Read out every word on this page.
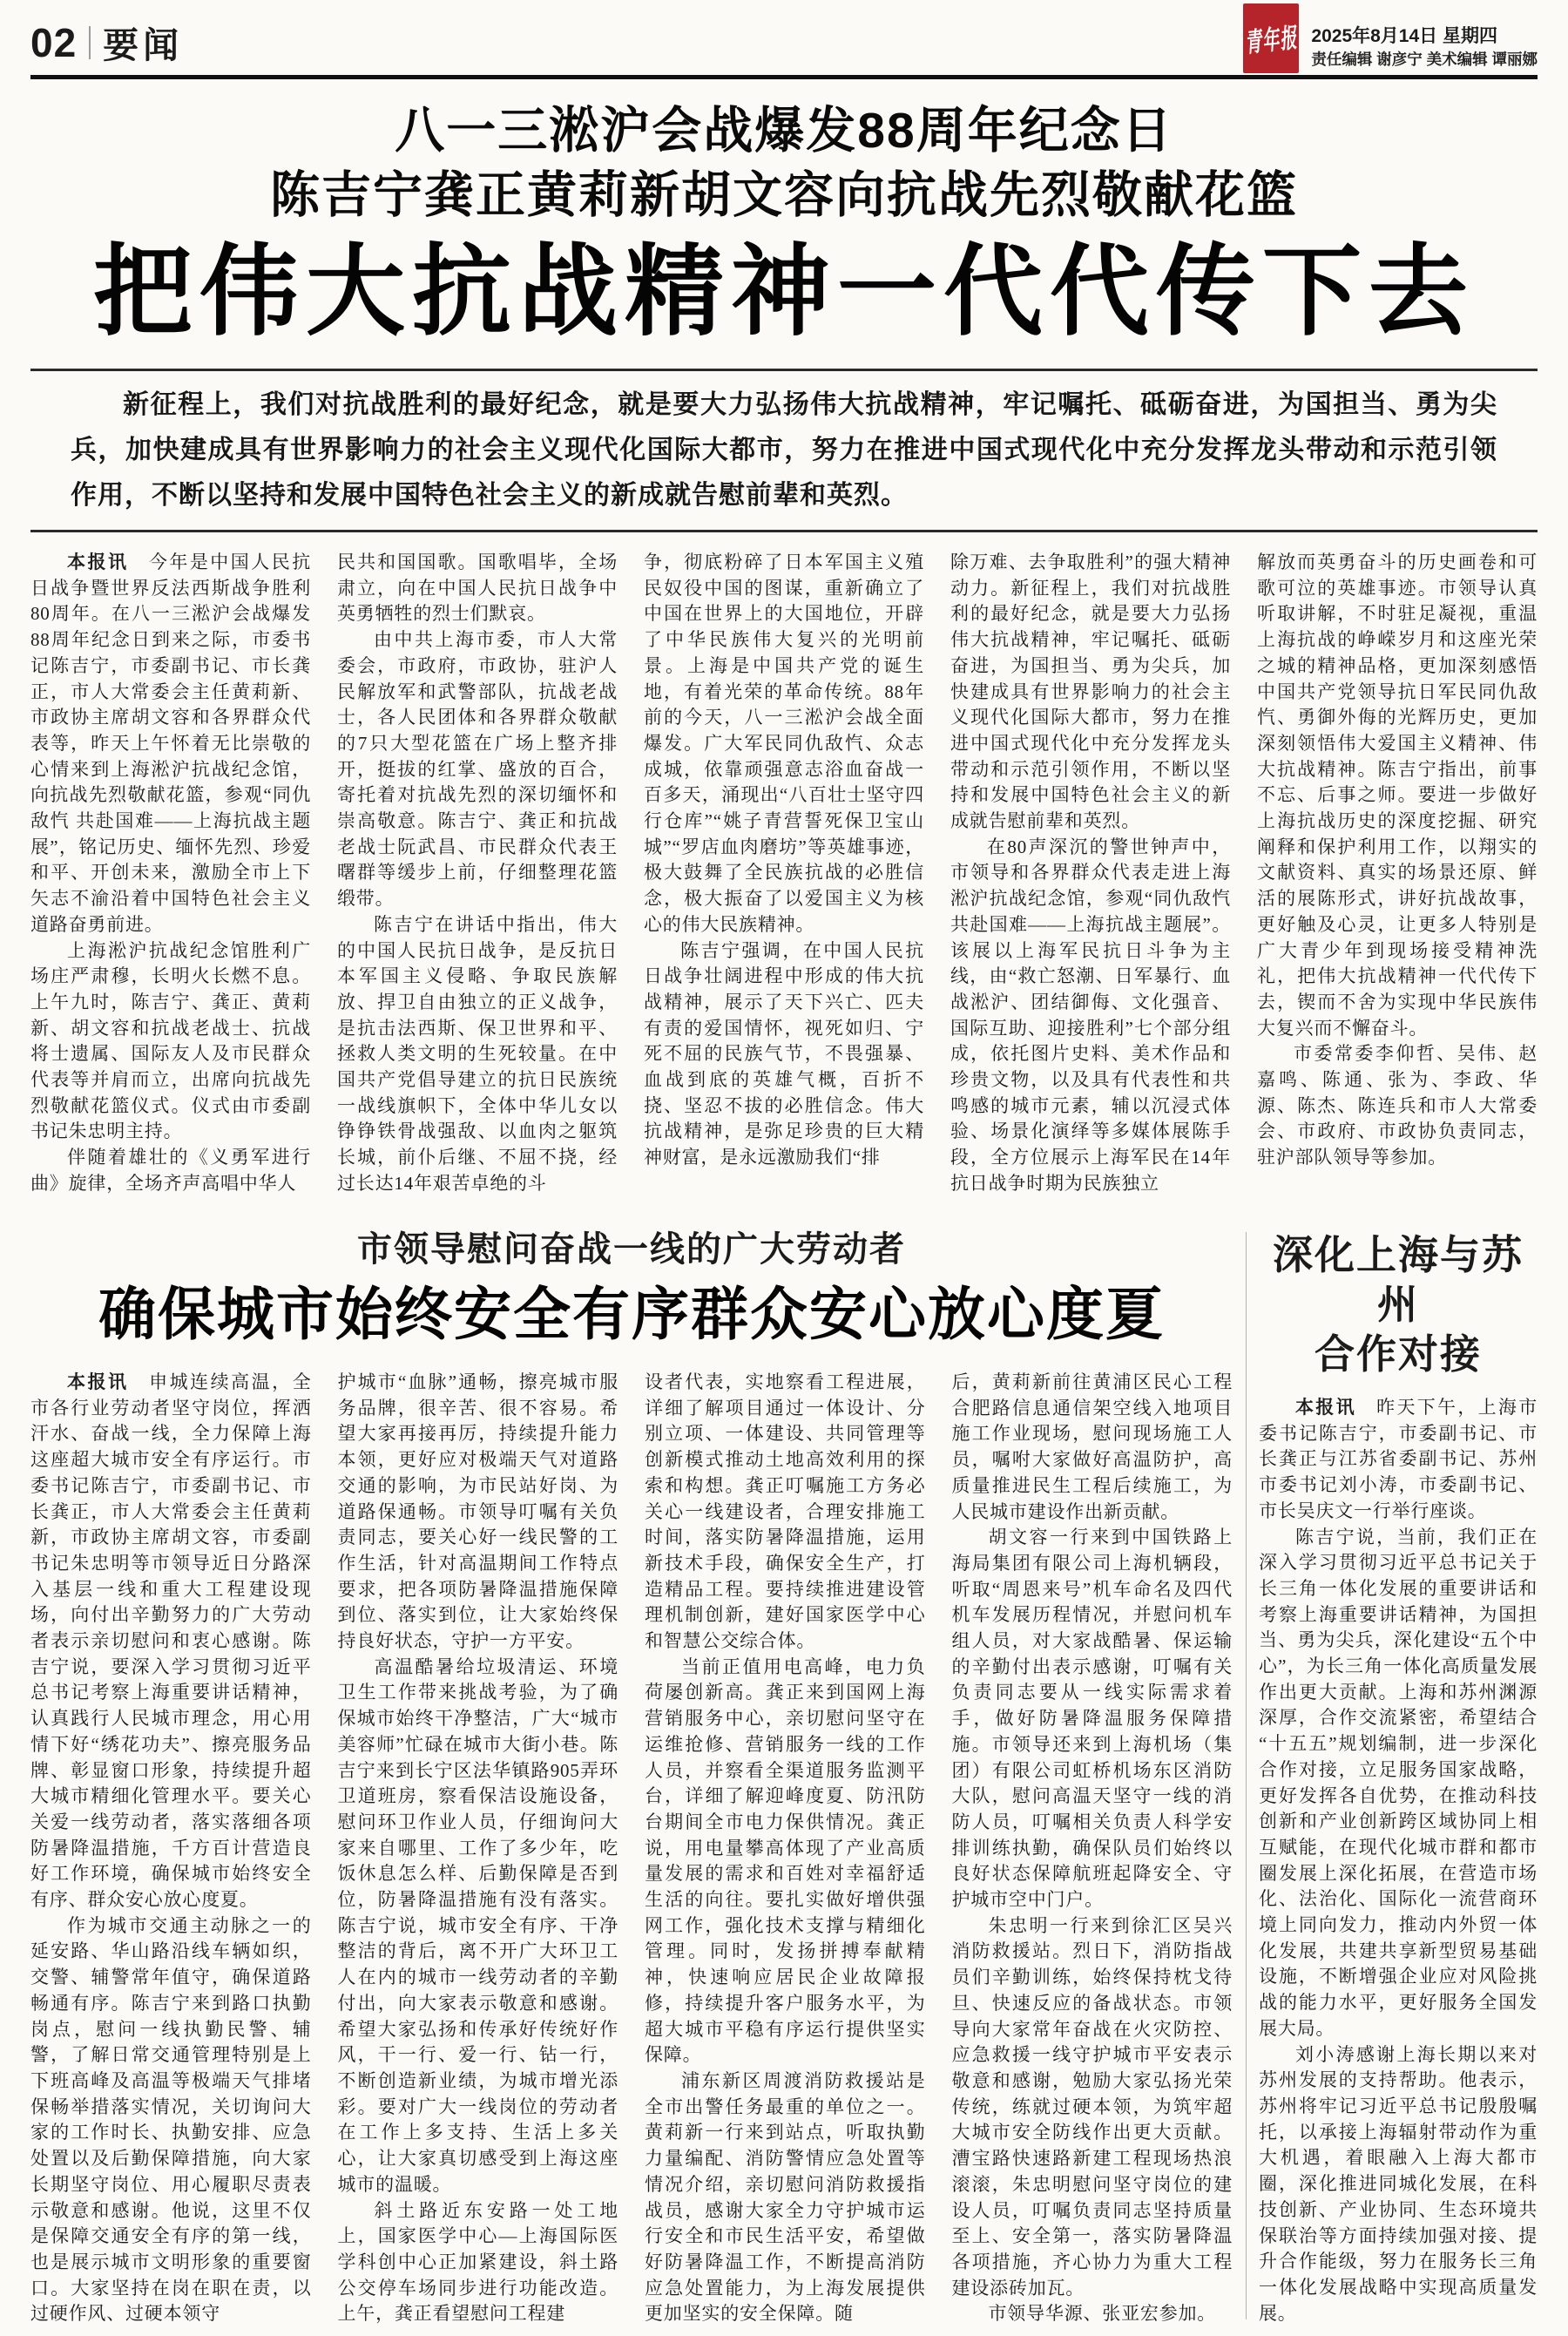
02 要闻	青年报 2025年8月14日 星期四
责任编辑 谢彦宁 美术编辑 谭丽娜
八一三淞沪会战爆发88周年纪念日
陈吉宁龚正黄莉新胡文容向抗战先烈敬献花篮
把伟大抗战精神一代代传下去

新征程上，我们对抗战胜利的最好纪念，就是要大力弘扬伟大抗战精神，牢记嘱托、砥砺奋进，为国担当、勇为尖兵，加快建成具有世界影响力的社会主义现代化国际大都市，努力在推进中国式现代化中充分发挥龙头带动和示范引领作用，不断以坚持和发展中国特色社会主义的新成就告慰前辈和英烈。

本报讯　今年是中国人民抗日战争暨世界反法西斯战争胜利80周年。在八一三淞沪会战爆发88周年纪念日到来之际，市委书记陈吉宁，市委副书记、市长龚正，市人大常委会主任黄莉新、市政协主席胡文容和各界群众代表等，昨天上午怀着无比崇敬的心情来到上海淞沪抗战纪念馆，向抗战先烈敬献花篮，参观“同仇敌忾 共赴国难——上海抗战主题展”，铭记历史、缅怀先烈、珍爱和平、开创未来，激励全市上下矢志不渝沿着中国特色社会主义道路奋勇前进。

上海淞沪抗战纪念馆胜利广场庄严肃穆，长明火长燃不息。上午九时，陈吉宁、龚正、黄莉新、胡文容和抗战老战士、抗战将士遗属、国际友人及市民群众代表等并肩而立，出席向抗战先烈敬献花篮仪式。仪式由市委副书记朱忠明主持。

伴随着雄壮的《义勇军进行曲》旋律，全场齐声高唱中华人

民共和国国歌。国歌唱毕，全场肃立，向在中国人民抗日战争中英勇牺牲的烈士们默哀。

由中共上海市委，市人大常委会，市政府，市政协，驻沪人民解放军和武警部队，抗战老战士，各人民团体和各界群众敬献的7只大型花篮在广场上整齐排开，挺拔的红掌、盛放的百合，寄托着对抗战先烈的深切缅怀和崇高敬意。陈吉宁、龚正和抗战老战士阮武昌、市民群众代表王曙群等缓步上前，仔细整理花篮缎带。

陈吉宁在讲话中指出，伟大的中国人民抗日战争，是反抗日本军国主义侵略、争取民族解放、捍卫自由独立的正义战争，是抗击法西斯、保卫世界和平、拯救人类文明的生死较量。在中国共产党倡导建立的抗日民族统一战线旗帜下，全体中华儿女以铮铮铁骨战强敌、以血肉之躯筑长城，前仆后继、不屈不挠，经过长达14年艰苦卓绝的斗

争，彻底粉碎了日本军国主义殖民奴役中国的图谋，重新确立了中国在世界上的大国地位，开辟了中华民族伟大复兴的光明前景。上海是中国共产党的诞生地，有着光荣的革命传统。88年前的今天，八一三淞沪会战全面爆发。广大军民同仇敌忾、众志成城，依靠顽强意志浴血奋战一百多天，涌现出“八百壮士坚守四行仓库”“姚子青营誓死保卫宝山城”“罗店血肉磨坊”等英雄事迹，极大鼓舞了全民族抗战的必胜信念，极大振奋了以爱国主义为核心的伟大民族精神。

陈吉宁强调，在中国人民抗日战争壮阔进程中形成的伟大抗战精神，展示了天下兴亡、匹夫有责的爱国情怀，视死如归、宁死不屈的民族气节，不畏强暴、血战到底的英雄气概，百折不挠、坚忍不拔的必胜信念。伟大抗战精神，是弥足珍贵的巨大精神财富，是永远激励我们“排

除万难、去争取胜利”的强大精神动力。新征程上，我们对抗战胜利的最好纪念，就是要大力弘扬伟大抗战精神，牢记嘱托、砥砺奋进，为国担当、勇为尖兵，加快建成具有世界影响力的社会主义现代化国际大都市，努力在推进中国式现代化中充分发挥龙头带动和示范引领作用，不断以坚持和发展中国特色社会主义的新成就告慰前辈和英烈。

在80声深沉的警世钟声中，市领导和各界群众代表走进上海淞沪抗战纪念馆，参观“同仇敌忾 共赴国难——上海抗战主题展”。该展以上海军民抗日斗争为主线，由“救亡怒潮、日军暴行、血战淞沪、团结御侮、文化强音、国际互助、迎接胜利”七个部分组成，依托图片史料、美术作品和珍贵文物，以及具有代表性和共鸣感的城市元素，辅以沉浸式体验、场景化演绎等多媒体展陈手段，全方位展示上海军民在14年抗日战争时期为民族独立

解放而英勇奋斗的历史画卷和可歌可泣的英雄事迹。市领导认真听取讲解，不时驻足凝视，重温上海抗战的峥嵘岁月和这座光荣之城的精神品格，更加深刻感悟中国共产党领导抗日军民同仇敌忾、勇御外侮的光辉历史，更加深刻领悟伟大爱国主义精神、伟大抗战精神。陈吉宁指出，前事不忘、后事之师。要进一步做好上海抗战历史的深度挖掘、研究阐释和保护利用工作，以翔实的文献资料、真实的场景还原、鲜活的展陈形式，讲好抗战故事，更好触及心灵，让更多人特别是广大青少年到现场接受精神洗礼，把伟大抗战精神一代代传下去，锲而不舍为实现中华民族伟大复兴而不懈奋斗。

市委常委李仰哲、吴伟、赵嘉鸣、陈通、张为、李政、华源、陈杰、陈连兵和市人大常委会、市政府、市政协负责同志，驻沪部队领导等参加。

市领导慰问奋战一线的广大劳动者
确保城市始终安全有序群众安心放心度夏

本报讯　申城连续高温，全市各行业劳动者坚守岗位，挥洒汗水、奋战一线，全力保障上海这座超大城市安全有序运行。市委书记陈吉宁，市委副书记、市长龚正，市人大常委会主任黄莉新，市政协主席胡文容，市委副书记朱忠明等市领导近日分路深入基层一线和重大工程建设现场，向付出辛勤努力的广大劳动者表示亲切慰问和衷心感谢。陈吉宁说，要深入学习贯彻习近平总书记考察上海重要讲话精神，认真践行人民城市理念，用心用情下好“绣花功夫”、擦亮服务品牌、彰显窗口形象，持续提升超大城市精细化管理水平。要关心关爱一线劳动者，落实落细各项防暑降温措施，千方百计营造良好工作环境，确保城市始终安全有序、群众安心放心度夏。

作为城市交通主动脉之一的延安路、华山路沿线车辆如织，交警、辅警常年值守，确保道路畅通有序。陈吉宁来到路口执勤岗点，慰问一线执勤民警、辅警，了解日常交通管理特别是上下班高峰及高温等极端天气排堵保畅举措落实情况，关切询问大家的工作时长、执勤安排、应急处置以及后勤保障措施，向大家长期坚守岗位、用心履职尽责表示敬意和感谢。他说，这里不仅是保障交通安全有序的第一线，也是展示城市文明形象的重要窗口。大家坚持在岗在职在责，以过硬作风、过硬本领守

护城市“血脉”通畅，擦亮城市服务品牌，很辛苦、很不容易。希望大家再接再厉，持续提升能力本领，更好应对极端天气对道路交通的影响，为市民站好岗、为道路保通畅。市领导叮嘱有关负责同志，要关心好一线民警的工作生活，针对高温期间工作特点要求，把各项防暑降温措施保障到位、落实到位，让大家始终保持良好状态，守护一方平安。

高温酷暑给垃圾清运、环境卫生工作带来挑战考验，为了确保城市始终干净整洁，广大“城市美容师”忙碌在城市大街小巷。陈吉宁来到长宁区法华镇路905弄环卫道班房，察看保洁设施设备，慰问环卫作业人员，仔细询问大家来自哪里、工作了多少年，吃饭休息怎么样、后勤保障是否到位，防暑降温措施有没有落实。陈吉宁说，城市安全有序、干净整洁的背后，离不开广大环卫工人在内的城市一线劳动者的辛勤付出，向大家表示敬意和感谢。希望大家弘扬和传承好传统好作风，干一行、爱一行、钻一行，不断创造新业绩，为城市增光添彩。要对广大一线岗位的劳动者在工作上多支持、生活上多关心，让大家真切感受到上海这座城市的温暖。

斜土路近东安路一处工地上，国家医学中心—上海国际医学科创中心正加紧建设，斜土路公交停车场同步进行功能改造。上午，龚正看望慰问工程建

设者代表，实地察看工程进展，详细了解项目通过一体设计、分别立项、一体建设、共同管理等创新模式推动土地高效利用的探索和构想。龚正叮嘱施工方务必关心一线建设者，合理安排施工时间，落实防暑降温措施，运用新技术手段，确保安全生产，打造精品工程。要持续推进建设管理机制创新，建好国家医学中心和智慧公交综合体。

当前正值用电高峰，电力负荷屡创新高。龚正来到国网上海营销服务中心，亲切慰问坚守在运维抢修、营销服务一线的工作人员，并察看全渠道服务监测平台，详细了解迎峰度夏、防汛防台期间全市电力保供情况。龚正说，用电量攀高体现了产业高质量发展的需求和百姓对幸福舒适生活的向往。要扎实做好增供强网工作，强化技术支撑与精细化管理。同时，发扬拼搏奉献精神，快速响应居民企业故障报修，持续提升客户服务水平，为超大城市平稳有序运行提供坚实保障。

浦东新区周渡消防救援站是全市出警任务最重的单位之一。黄莉新一行来到站点，听取执勤力量编配、消防警情应急处置等情况介绍，亲切慰问消防救援指战员，感谢大家全力守护城市运行安全和市民生活平安，希望做好防暑降温工作，不断提高消防应急处置能力，为上海发展提供更加坚实的安全保障。随

后，黄莉新前往黄浦区民心工程合肥路信息通信架空线入地项目施工作业现场，慰问现场施工人员，嘱咐大家做好高温防护，高质量推进民生工程后续施工，为人民城市建设作出新贡献。

胡文容一行来到中国铁路上海局集团有限公司上海机辆段，听取“周恩来号”机车命名及四代机车发展历程情况，并慰问机车组人员，对大家战酷暑、保运输的辛勤付出表示感谢，叮嘱有关负责同志要从一线实际需求着手，做好防暑降温服务保障措施。市领导还来到上海机场（集团）有限公司虹桥机场东区消防大队，慰问高温天坚守一线的消防人员，叮嘱相关负责人科学安排训练执勤，确保队员们始终以良好状态保障航班起降安全、守护城市空中门户。

朱忠明一行来到徐汇区吴兴消防救援站。烈日下，消防指战员们辛勤训练，始终保持枕戈待旦、快速反应的备战状态。市领导向大家常年奋战在火灾防控、应急救援一线守护城市平安表示敬意和感谢，勉励大家弘扬光荣传统，练就过硬本领，为筑牢超大城市安全防线作出更大贡献。漕宝路快速路新建工程现场热浪滚滚，朱忠明慰问坚守岗位的建设人员，叮嘱负责同志坚持质量至上、安全第一，落实防暑降温各项措施，齐心协力为重大工程建设添砖加瓦。

市领导华源、张亚宏参加。

深化上海与苏州
合作对接

本报讯　昨天下午，上海市委书记陈吉宁，市委副书记、市长龚正与江苏省委副书记、苏州市委书记刘小涛，市委副书记、市长吴庆文一行举行座谈。

陈吉宁说，当前，我们正在深入学习贯彻习近平总书记关于长三角一体化发展的重要讲话和考察上海重要讲话精神，为国担当、勇为尖兵，深化建设“五个中心”，为长三角一体化高质量发展作出更大贡献。上海和苏州渊源深厚，合作交流紧密，希望结合“十五五”规划编制，进一步深化合作对接，立足服务国家战略，更好发挥各自优势，在推动科技创新和产业创新跨区域协同上相互赋能，在现代化城市群和都市圈发展上深化拓展，在营造市场化、法治化、国际化一流营商环境上同向发力，推动内外贸一体化发展，共建共享新型贸易基础设施，不断增强企业应对风险挑战的能力水平，更好服务全国发展大局。

刘小涛感谢上海长期以来对苏州发展的支持帮助。他表示，苏州将牢记习近平总书记殷殷嘱托，以承接上海辐射带动作为重大机遇，着眼融入上海大都市圈，深化推进同城化发展，在科技创新、产业协同、生态环境共保联治等方面持续加强对接、提升合作能级，努力在服务长三角一体化发展战略中实现高质量发展。
